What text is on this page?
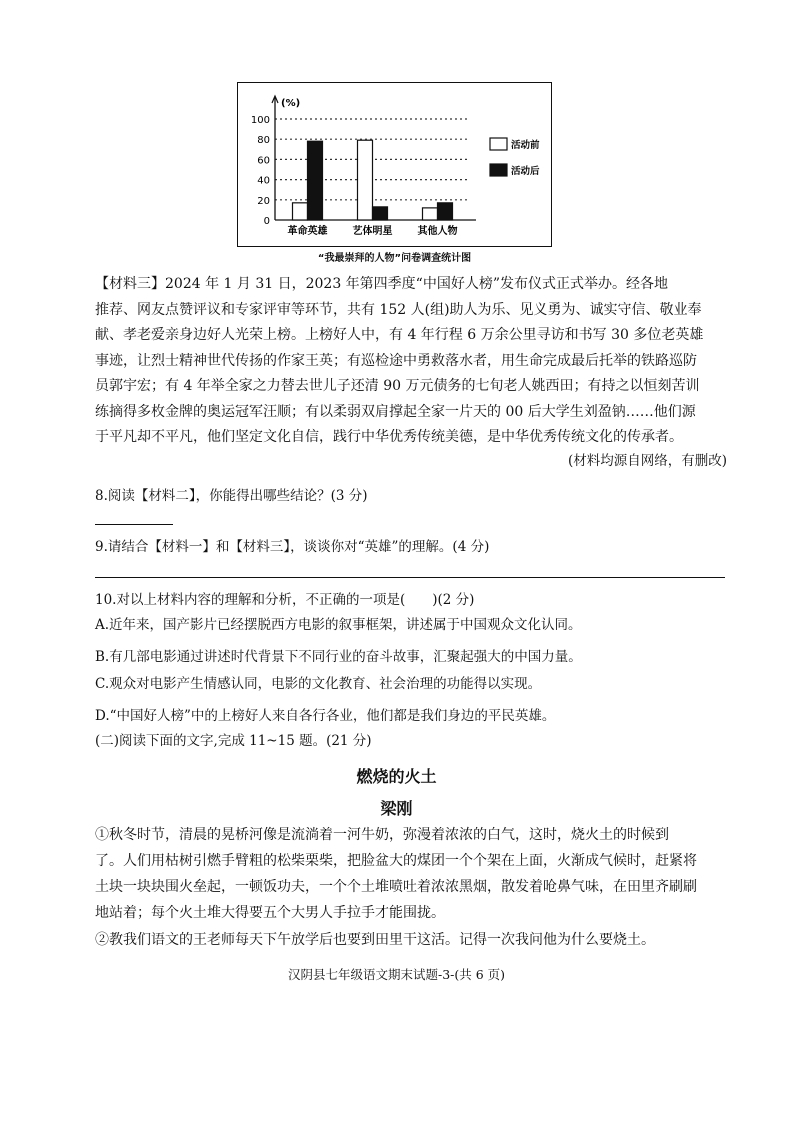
0
20
40
60
80
100
(%)
革命英雄	艺体明星	其他人物
活动前
活动后
“我最崇拜的人物”问卷调查统计图
【材料三】2024 年 1 月 31 日，2023 年第四季度“中国好人榜”发布仪式正式举办。经各地
推荐、网友点赞评议和专家评审等环节，共有 152 人(组)助人为乐、见义勇为、诚实守信、敬业奉
献、孝老爱亲身边好人光荣上榜。上榜好人中，有 4 年行程 6 万余公里寻访和书写 30 多位老英雄
事迹，让烈士精神世代传扬的作家王英；有巡检途中勇救落水者，用生命完成最后托举的铁路巡防
员郭宇宏；有 4 年举全家之力替去世儿子还清 90 万元债务的七旬老人姚西田；有持之以恒刻苦训
练摘得多枚金牌的奥运冠军汪顺；有以柔弱双肩撑起全家一片天的 00 后大学生刘盈钠……他们源
于平凡却不平凡，他们坚定文化自信，践行中华优秀传统美德，是中华优秀传统文化的传承者。
(材料均源自网络，有删改)
8.阅读【材料二】，你能得出哪些结论？(3 分)
9.请结合【材料一】和【材料三】，谈谈你对“英雄”的理解。(4 分)
10.对以上材料内容的理解和分析，不正确的一项是(　　)(2 分)
A.近年来，国产影片已经摆脱西方电影的叙事框架，讲述属于中国观众文化认同。
B.有几部电影通过讲述时代背景下不同行业的奋斗故事，汇聚起强大的中国力量。
C.观众对电影产生情感认同，电影的文化教育、社会治理的功能得以实现。
D.“中国好人榜”中的上榜好人来自各行各业，他们都是我们身边的平民英雄。
(二)阅读下面的文字,完成 11~15 题。(21 分)
燃烧的火土
梁刚
①秋冬时节，清晨的晃桥河像是流淌着一河牛奶，弥漫着浓浓的白气，这时，烧火土的时候到
了。人们用枯树引燃手臂粗的松柴栗柴，把脸盆大的煤团一个个架在上面，火渐成气候时，赶紧将
土块一块块围火垒起，一顿饭功夫，一个个土堆喷吐着浓浓黑烟，散发着呛鼻气味，在田里齐刷刷
地站着；每个火土堆大得要五个大男人手拉手才能围拢。
②教我们语文的王老师每天下午放学后也要到田里干这活。记得一次我问他为什么要烧土。
汉阴县七年级语文期末试题-3-(共 6 页)
